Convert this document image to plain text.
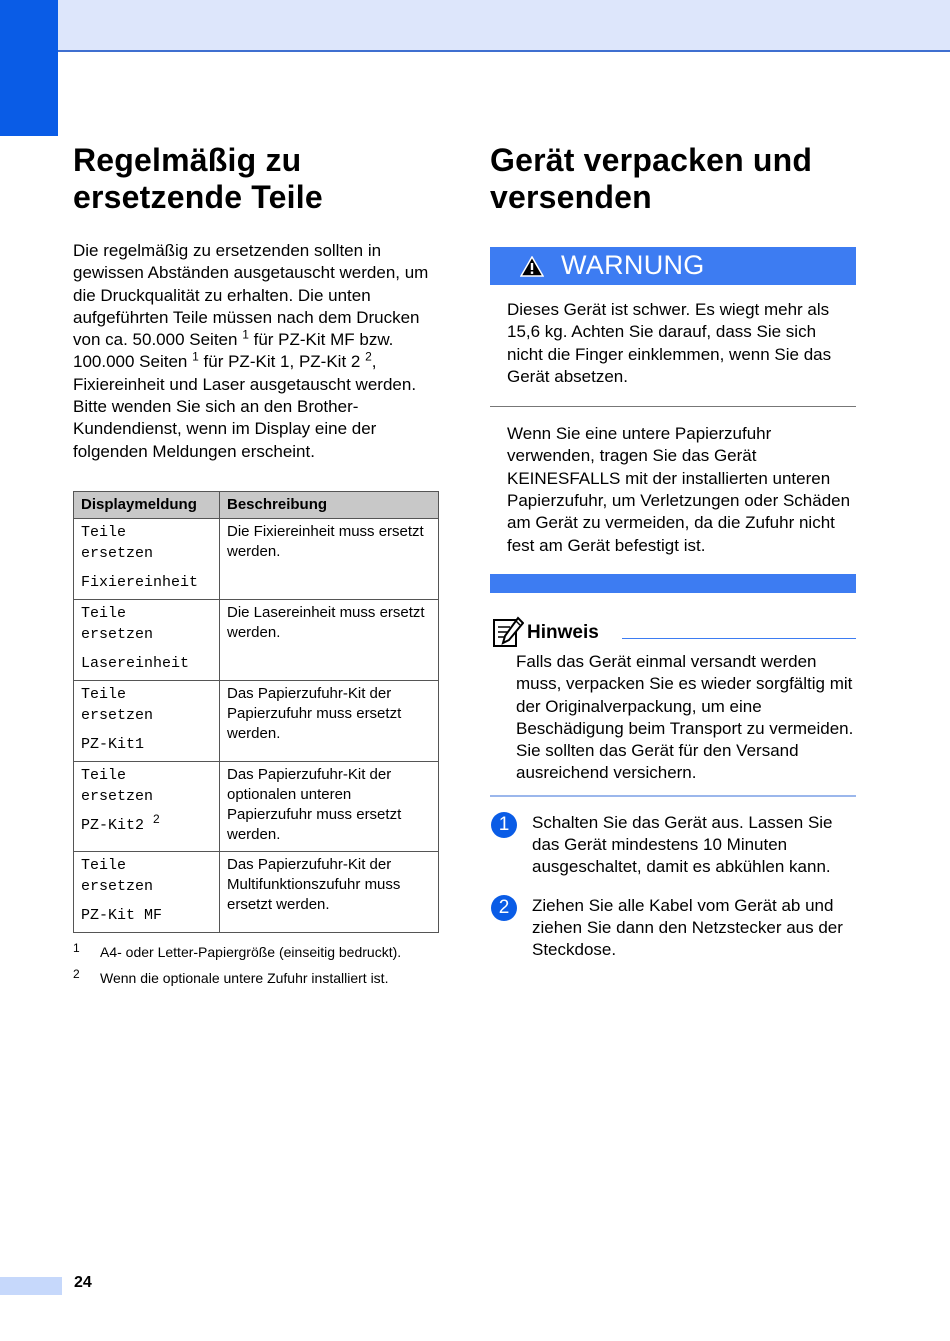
Regelmäßig zu
ersetzende Teile

Die regelmäßig zu ersetzenden sollten in gewissen Abständen ausgetauscht werden, um die Druckqualität zu erhalten. Die unten aufgeführten Teile müssen nach dem Drucken von ca. 50.000 Seiten $^1$ für PZ-Kit MF bzw. 100.000 Seiten $^1$ für PZ-Kit 1, PZ-Kit 2 $^2$, Fixiereinheit und Laser ausgetauscht werden. Bitte wenden Sie sich an den Brother-Kundendienst, wenn im Display eine der folgenden Meldungen erscheint.

Displaymeldung	Beschreibung

Teile
ersetzen
Fixiereinheit	Die Fixiereinheit muss ersetzt werden.

Teile
ersetzen
Lasereinheit	Die Lasereinheit muss ersetzt werden.

Teile
ersetzen
PZ-Kit1	Das Papierzufuhr-Kit der Papierzufuhr muss ersetzt werden.

Teile
ersetzen
PZ-Kit2 $^2$	Das Papierzufuhr-Kit der optionalen unteren Papierzufuhr muss ersetzt werden.

Teile
ersetzen
PZ-Kit MF	Das Papierzufuhr-Kit der Multifunktionszufuhr muss ersetzt werden.
1 A4- oder Letter-Papiergröße (einseitig bedruckt).
2 Wenn die optionale untere Zufuhr installiert ist.
Gerät verpacken und
versenden
WARNUNG
Dieses Gerät ist schwer. Es wiegt mehr als 15,6 kg. Achten Sie darauf, dass Sie sich nicht die Finger einklemmen, wenn Sie das Gerät absetzen.
Wenn Sie eine untere Papierzufuhr verwenden, tragen Sie das Gerät KEINESFALLS mit der installierten unteren Papierzufuhr, um Verletzungen oder Schäden am Gerät zu vermeiden, da die Zufuhr nicht fest am Gerät befestigt ist.
Hinweis
Falls das Gerät einmal versandt werden muss, verpacken Sie es wieder sorgfältig mit der Originalverpackung, um eine Beschädigung beim Transport zu vermeiden. Sie sollten das Gerät für den Versand ausreichend versichern.
1	Schalten Sie das Gerät aus. Lassen Sie das Gerät mindestens 10 Minuten ausgeschaltet, damit es abkühlen kann.
2	Ziehen Sie alle Kabel vom Gerät ab und ziehen Sie dann den Netzstecker aus der Steckdose.
24
